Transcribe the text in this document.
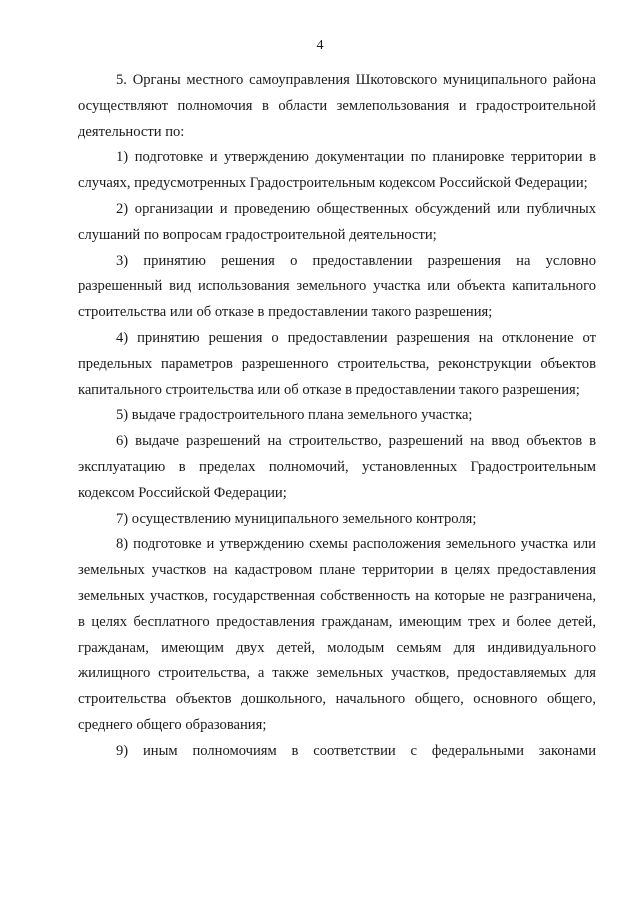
4

5. Органы местного самоуправления Шкотовского муниципального района осуществляют полномочия в области землепользования и градостроительной деятельности по:

1) подготовке и утверждению документации по планировке территории в случаях, предусмотренных Градостроительным кодексом Российской Федерации;

2) организации и проведению общественных обсуждений или публичных слушаний по вопросам градостроительной деятельности;

3) принятию решения о предоставлении разрешения на условно разрешенный вид использования земельного участка или объекта капитального строительства или об отказе в предоставлении такого разрешения;

4) принятию решения о предоставлении разрешения на отклонение от предельных параметров разрешенного строительства, реконструкции объектов капитального строительства или об отказе в предоставлении такого разрешения;

5) выдаче градостроительного плана земельного участка;

6) выдаче разрешений на строительство, разрешений на ввод объектов в эксплуатацию в пределах полномочий, установленных Градостроительным кодексом Российской Федерации;

7) осуществлению муниципального земельного контроля;

8) подготовке и утверждению схемы расположения земельного участка или земельных участков на кадастровом плане территории в целях предоставления земельных участков, государственная собственность на которые не разграничена, в целях бесплатного предоставления гражданам, имеющим трех и более детей, гражданам, имеющим двух детей, молодым семьям для индивидуального жилищного строительства, а также земельных участков, предоставляемых для строительства объектов дошкольного, начального общего, основного общего, среднего общего образования;

9) иным полномочиям в соответствии с федеральными законами
